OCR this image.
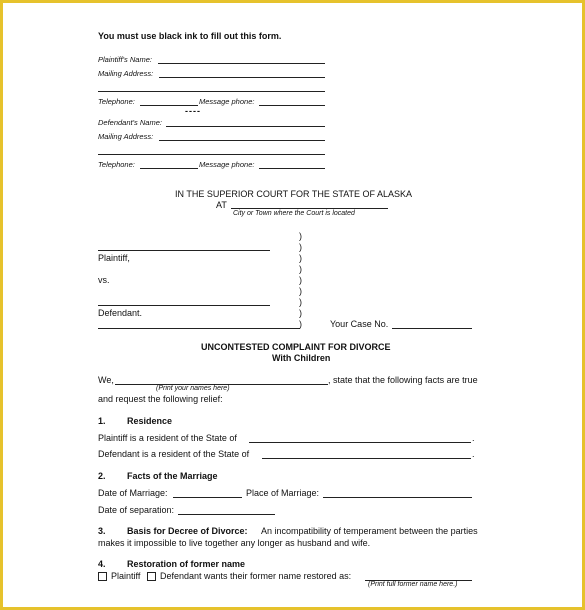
You must use black ink to fill out this form.
Plaintiff's Name:
Mailing Address:
Telephone:	Message phone:
----
Defendant's Name:
Mailing Address:
Telephone:	Message phone:
IN THE SUPERIOR COURT FOR THE STATE OF ALASKA
AT
City or Town where the Court is located
Plaintiff,
vs.
Defendant.
)
)
)
)
)
)
)
)
)	Your Case No.
UNCONTESTED COMPLAINT FOR DIVORCE
With Children
We,	, state that the following facts are true
(Print your names here)
and request the following relief:
1. Residence
Plaintiff is a resident of the State of	.
Defendant is a resident of the State of	.
2. Facts of the Marriage
Date of Marriage:	Place of Marriage:
Date of separation:
3. Basis for Decree of Divorce: An incompatibility of temperament between the parties
makes it impossible to live together any longer as husband and wife.
4. Restoration of former name
Plaintiff Defendant wants their former name restored as:
(Print full former name here.)
